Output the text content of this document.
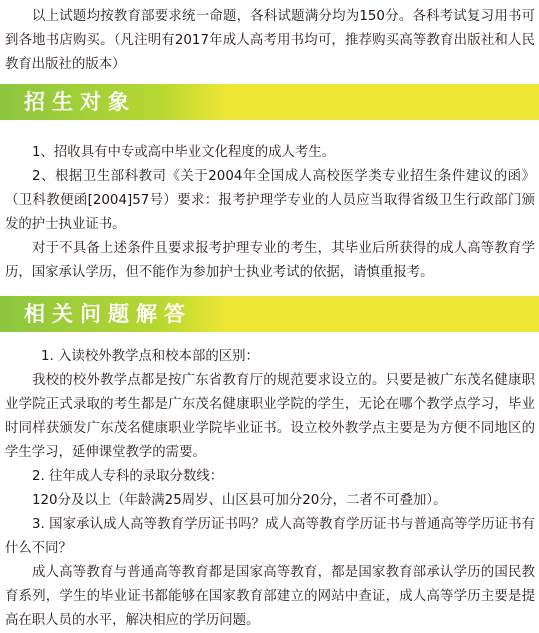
以上试题均按教育部要求统一命题，各科试题满分均为150分。各科考试复习用书可到各地书店购买。（凡注明有2017年成人高考用书均可，推荐购买高等教育出版社和人民教育出版社的版本）

招生对象

1、招收具有中专或高中毕业文化程度的成人考生。

2、根据卫生部科教司《关于2004年全国成人高校医学类专业招生条件建议的函》（卫科教便函[2004]57号）要求：报考护理学专业的人员应当取得省级卫生行政部门颁发的护士执业证书。

对于不具备上述条件且要求报考护理专业的考生，其毕业后所获得的成人高等教育学历，国家承认学历，但不能作为参加护士执业考试的依据，请慎重报考。

相关问题解答

1. 入读校外教学点和校本部的区别：

我校的校外教学点都是按广东省教育厅的规范要求设立的。只要是被广东茂名健康职业学院正式录取的考生都是广东茂名健康职业学院的学生，无论在哪个教学点学习，毕业时同样获颁发广东茂名健康职业学院毕业证书。设立校外教学点主要是为方便不同地区的学生学习，延伸课堂教学的需要。

2. 往年成人专科的录取分数线：

120分及以上（年龄满25周岁、山区县可加分20分，二者不可叠加）。

3. 国家承认成人高等教育学历证书吗？成人高等教育学历证书与普通高等学历证书有什么不同？

成人高等教育与普通高等教育都是国家高等教育，都是国家教育部承认学历的国民教育系列，学生的毕业证书都能够在国家教育部建立的网站中查证，成人高等学历主要是提高在职人员的水平，解决相应的学历问题。
